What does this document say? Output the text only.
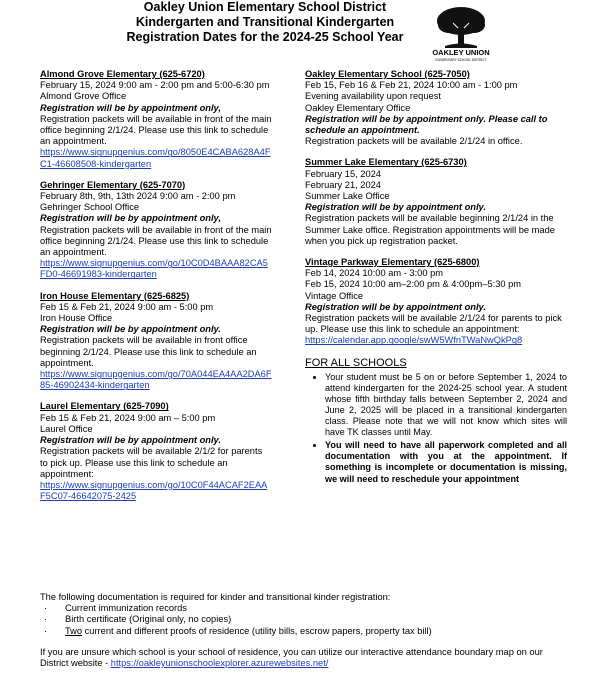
Oakley Union Elementary School District
Kindergarten and Transitional Kindergarten
Registration Dates for the 2024-25 School Year
OAKLEY UNION
ELEMENTARY SCHOOL DISTRICT
Almond Grove Elementary (625-6720)
February 15, 2024 9:00 am - 2:00 pm and 5:00-6:30 pm
Almond Grove Office
Registration will be by appointment only,
Registration packets will be available in front of the main office beginning 2/1/24. Please use this link to schedule an appointment.
https://www.signupgenius.com/go/8050E4CABA628A4FC1-46608508-kindergarten
Gehringer Elementary (625-7070)
February 8th, 9th, 13th 2024 9:00 am - 2:00 pm
Gehringer School Office
Registration will be by appointment only,
Registration packets will be available in front of the main office beginning 2/1/24. Please use this link to schedule an appointment.
https://www.signupgenius.com/go/10C0D4BAAA82CA5FD0-46691983-kindergarten
Iron House Elementary (625-6825)
Feb 15 & Feb 21, 2024 9:00 am - 5:00 pm
Iron House Office
Registration will be by appointment only.
Registration packets will be available in front office beginning 2/1/24. Please use this link to schedule an appointment.
https://www.signupgenius.com/go/70A044EA4AA2DA6F85-46902434-kindergarten
Laurel Elementary (625-7090)
Feb 15 & Feb 21, 2024 9:00 am – 5:00 pm
Laurel Office
Registration will be by appointment only.
Registration packets will be available 2/1/2 for parents to pick up. Please use this link to schedule an appointment:
https://www.signupgenius.com/go/10C0F44ACAF2EAAF5C07-46642075-2425
Oakley Elementary School (625-7050)
Feb 15, Feb 16 & Feb 21, 2024 10:00 am - 1:00 pm
Evening availability upon request
Oakley Elementary Office
Registration will be by appointment only. Please call to schedule an appointment.
Registration packets will be available 2/1/24 in office.
Summer Lake Elementary (625-6730)
February 15, 2024
February 21, 2024
Summer Lake Office
Registration will be by appointment only.
Registration packets will be available beginning 2/1/24 in the Summer Lake office. Registration appointments will be made when you pick up registration packet.
Vintage Parkway Elementary (625-6800)
Feb 14, 2024 10:00 am - 3:00 pm
Feb 15, 2024 10:00 am–2:00 pm & 4:00pm–5:30 pm
Vintage Office
Registration will be by appointment only.
Registration packets will be available 2/1/24 for parents to pick up. Please use this link to schedule an appointment:
https://calendar.app.google/swW5WfnTWaNwQkPg8
FOR ALL SCHOOLS
• Your student must be 5 on or before September 1, 2024 to attend kindergarten for the 2024-25 school year. A student whose fifth birthday falls between September 2, 2024 and June 2, 2025 will be placed in a transitional kindergarten class. Please note that we will not know which sites will have TK classes until May.
• You will need to have all paperwork completed and all documentation with you at the appointment. If something is incomplete or documentation is missing, we will need to reschedule your appointment
The following documentation is required for kinder and transitional kinder registration:
·	Current immunization records
·	Birth certificate (Original only, no copies)
·	Two current and different proofs of residence (utility bills, escrow papers, property tax bill)
If you are unsure which school is your school of residence, you can utilize our interactive attendance boundary map on our District website - https://oakleyunionschoolexplorer.azurewebsites.net/
